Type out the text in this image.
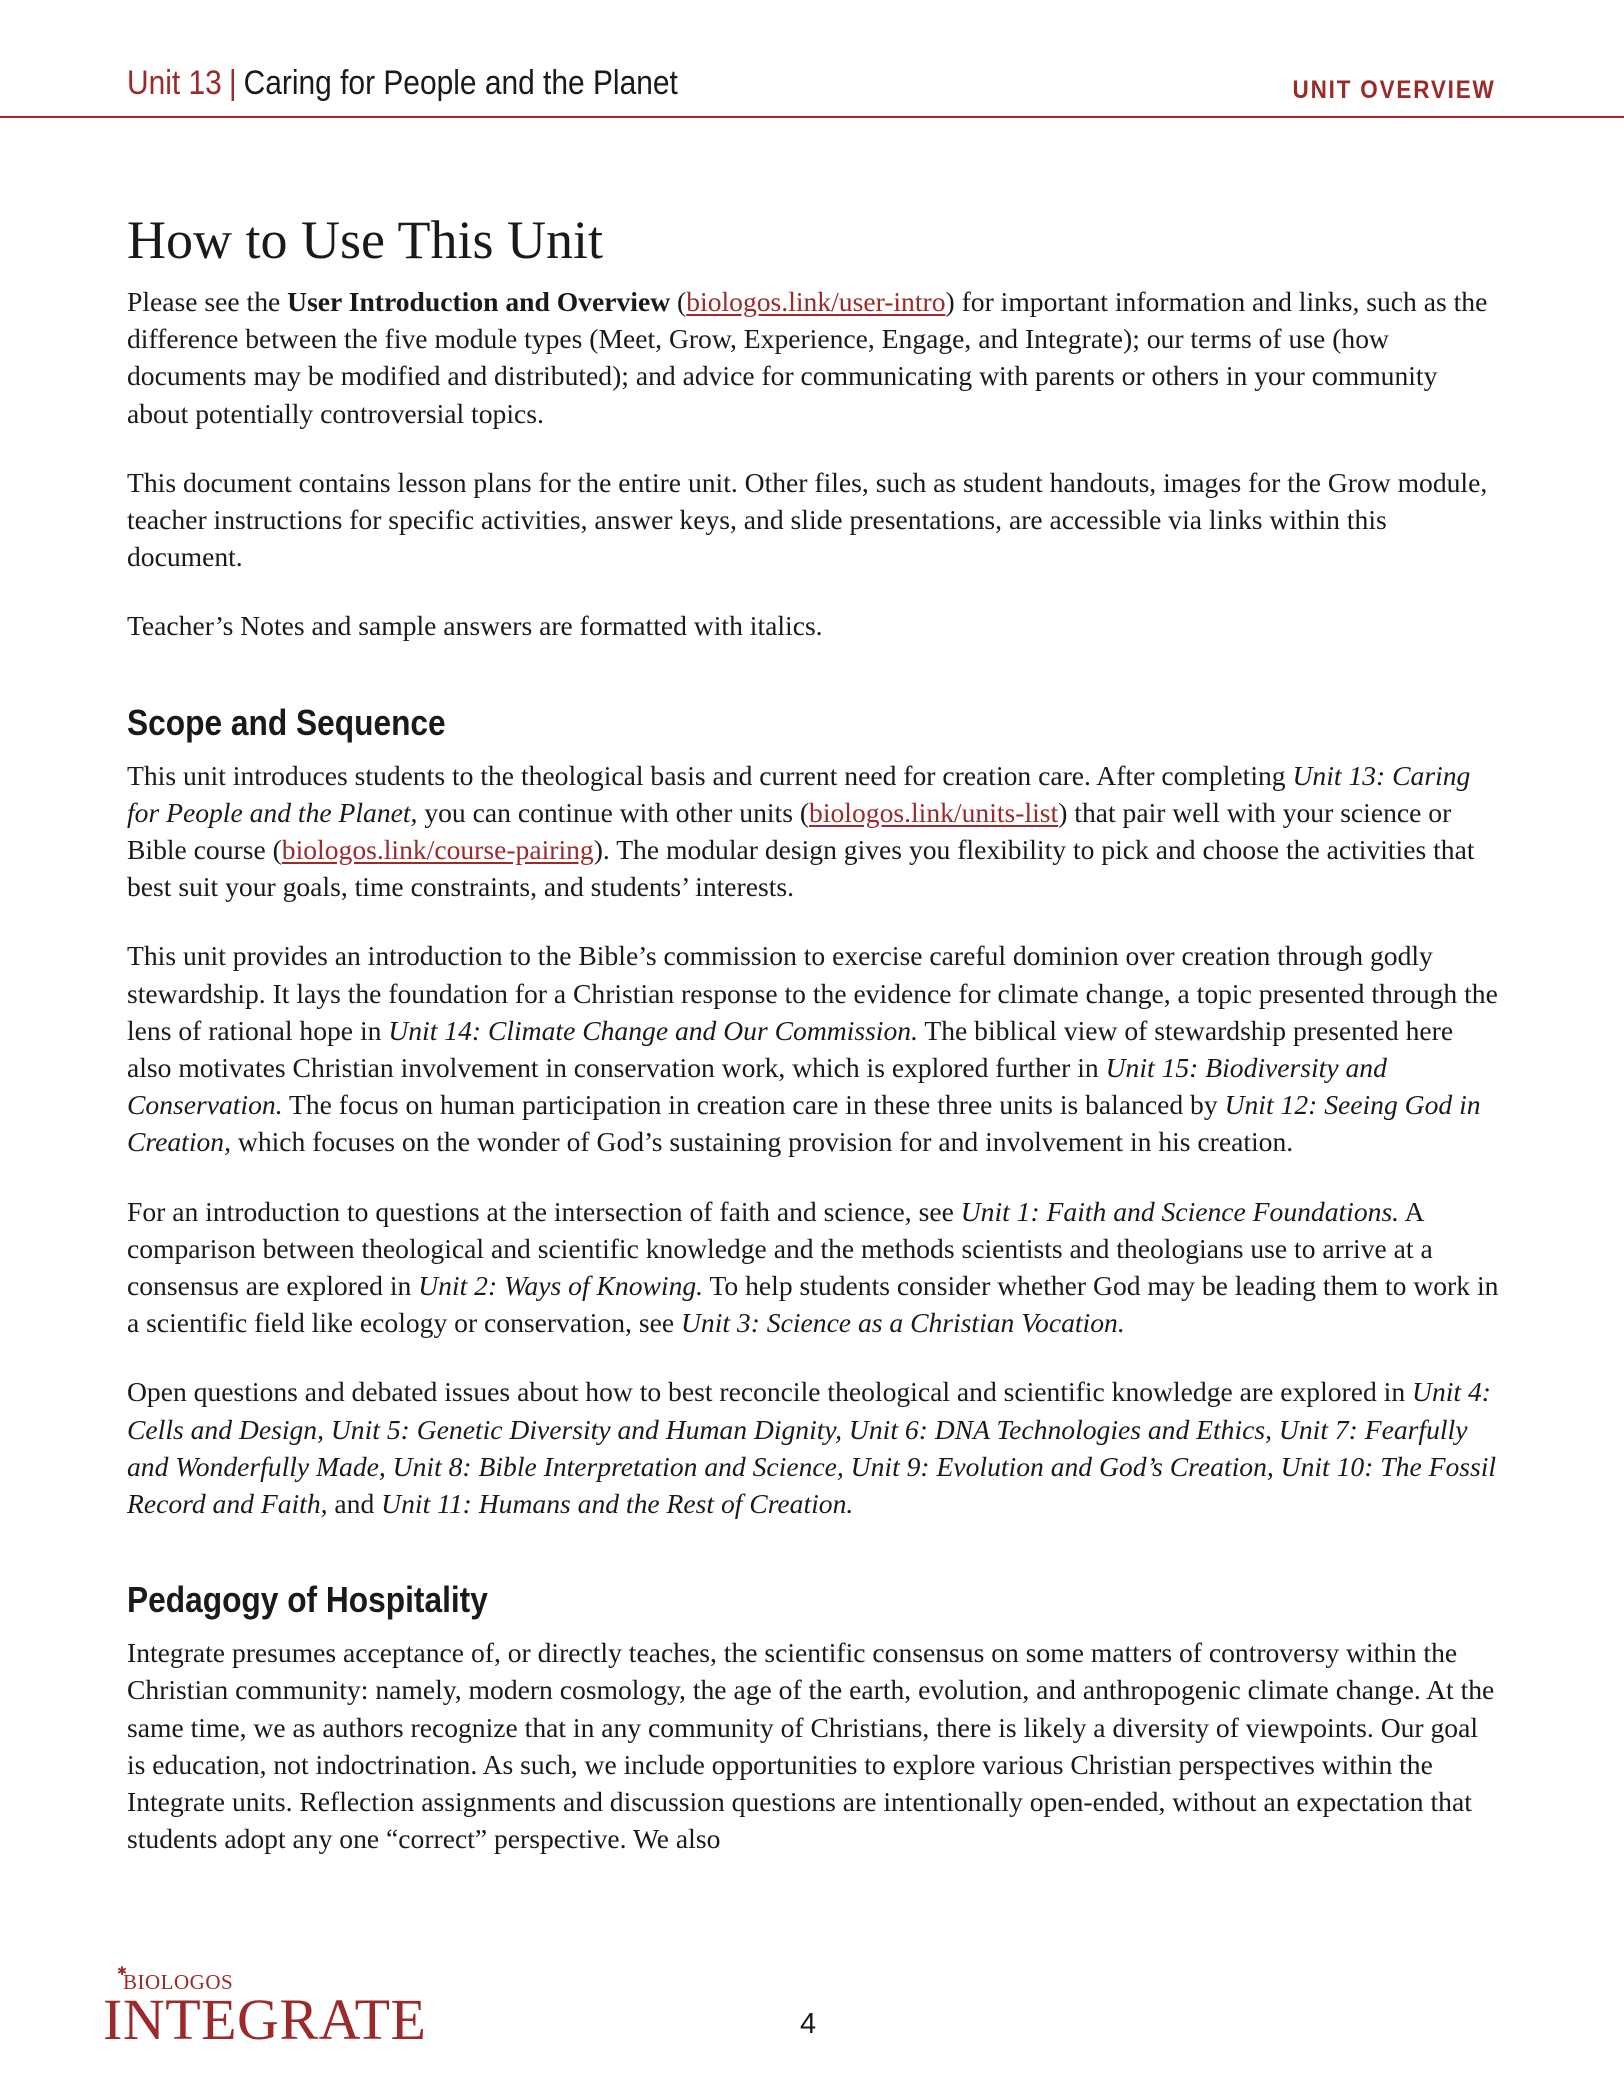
Unit 13 | Caring for People and the Planet	UNIT OVERVIEW
How to Use This Unit

Please see the User Introduction and Overview (biologos.link/user-intro) for important information and links, such as the difference between the five module types (Meet, Grow, Experience, Engage, and Integrate); our terms of use (how documents may be modified and distributed); and advice for communicating with parents or others in your community about potentially controversial topics.

This document contains lesson plans for the entire unit. Other files, such as student handouts, images for the Grow module, teacher instructions for specific activities, answer keys, and slide presentations, are accessible via links within this document.

Teacher’s Notes and sample answers are formatted with italics.

Scope and Sequence

This unit introduces students to the theological basis and current need for creation care. After completing Unit 13: Caring for People and the Planet, you can continue with other units (biologos.link/units-list) that pair well with your science or Bible course (biologos.link/course-pairing). The modular design gives you flexibility to pick and choose the activities that best suit your goals, time constraints, and students’ interests.

This unit provides an introduction to the Bible’s commission to exercise careful dominion over creation through godly stewardship. It lays the foundation for a Christian response to the evidence for climate change, a topic presented through the lens of rational hope in Unit 14: Climate Change and Our Commission. The biblical view of stewardship presented here also motivates Christian involvement in conservation work, which is explored further in Unit 15: Biodiversity and Conservation. The focus on human participation in creation care in these three units is balanced by Unit 12: Seeing God in Creation, which focuses on the wonder of God’s sustaining provision for and involvement in his creation.

For an introduction to questions at the intersection of faith and science, see Unit 1: Faith and Science Foundations. A comparison between theological and scientific knowledge and the methods scientists and theologians use to arrive at a consensus are explored in Unit 2: Ways of Knowing. To help students consider whether God may be leading them to work in a scientific field like ecology or conservation, see Unit 3: Science as a Christian Vocation.

Open questions and debated issues about how to best reconcile theological and scientific knowledge are explored in Unit 4: Cells and Design, Unit 5: Genetic Diversity and Human Dignity, Unit 6: DNA Technologies and Ethics, Unit 7: Fearfully and Wonderfully Made, Unit 8: Bible Interpretation and Science, Unit 9: Evolution and God’s Creation, Unit 10: The Fossil Record and Faith, and Unit 11: Humans and the Rest of Creation.

Pedagogy of Hospitality

Integrate presumes acceptance of, or directly teaches, the scientific consensus on some matters of controversy within the Christian community: namely, modern cosmology, the age of the earth, evolution, and anthropogenic climate change. At the same time, we as authors recognize that in any community of Christians, there is likely a diversity of viewpoints. Our goal is education, not indoctrination. As such, we include opportunities to explore various Christian perspectives within the Integrate units. Reflection assignments and discussion questions are intentionally open-ended, without an expectation that students adopt any one “correct” perspective. We also

✱
BIOLOGOS
INTEGRATE	4
